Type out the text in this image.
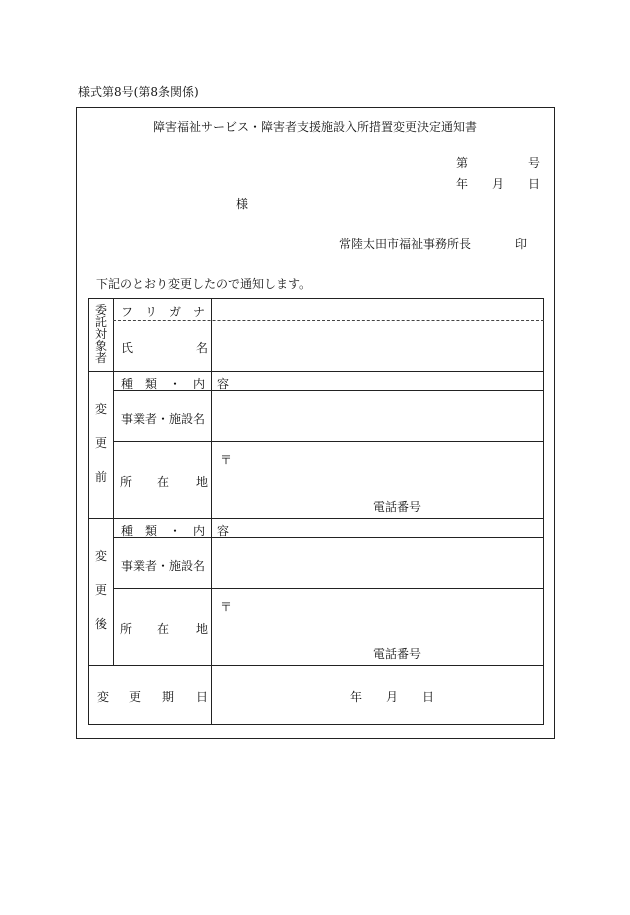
様式第8号(第8条関係)
障害福祉サービス・障害者支援施設入所措置変更決定通知書
第	号
年 月 日
様
常陸太田市福祉事務所長	印
下記のとおり変更したので通知します。
委
託
対
象
者
フ　リ　ガ　ナ
氏	名
変
更
前
種　類　・　内　容
事業者・施設名
所 在 地
〒
電話番号
変
更
後
種　類　・　内　容
事業者・施設名
所 在 地
〒
電話番号
変 更 期 日	年 月 日
